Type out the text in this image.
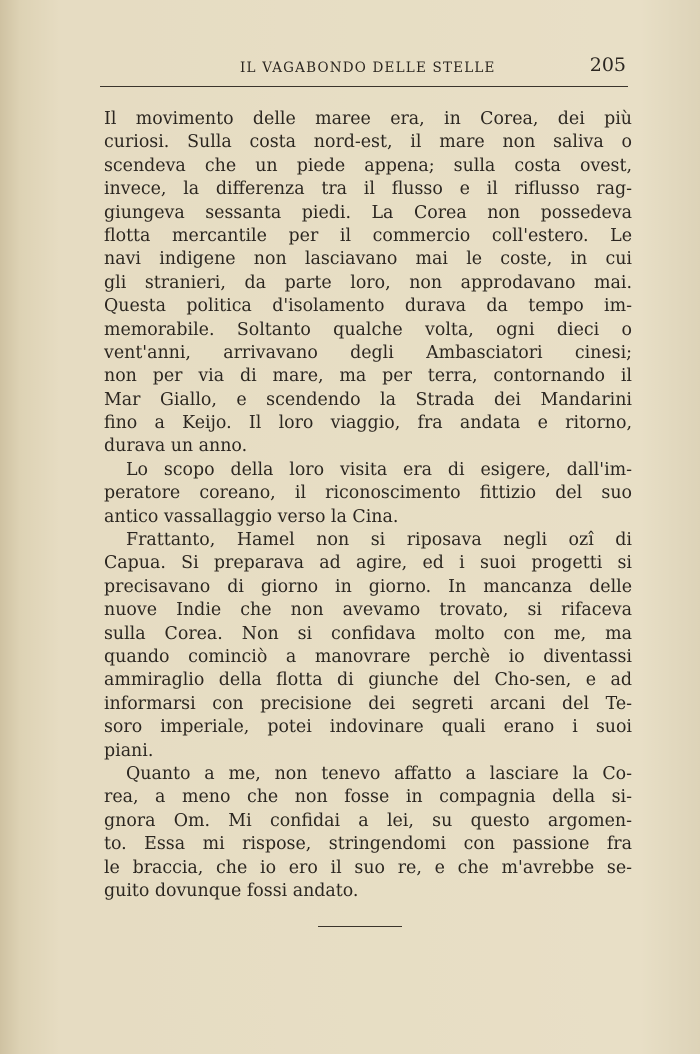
IL VAGABONDO DELLE STELLE	205
Il movimento delle maree era, in Corea, dei più
curiosi. Sulla costa nord-est, il mare non saliva o
scendeva che un piede appena; sulla costa ovest,
invece, la differenza tra il flusso e il riflusso rag-
giungeva sessanta piedi. La Corea non possedeva
flotta mercantile per il commercio coll'estero. Le
navi indigene non lasciavano mai le coste, in cui
gli stranieri, da parte loro, non approdavano mai.
Questa politica d'isolamento durava da tempo im-
memorabile. Soltanto qualche volta, ogni dieci o
vent'anni, arrivavano degli Ambasciatori cinesi;
non per via di mare, ma per terra, contornando il
Mar Giallo, e scendendo la Strada dei Mandarini
fino a Keijo. Il loro viaggio, fra andata e ritorno,
durava un anno.
Lo scopo della loro visita era di esigere, dall'im-
peratore coreano, il riconoscimento fittizio del suo
antico vassallaggio verso la Cina.
Frattanto, Hamel non si riposava negli ozî di
Capua. Si preparava ad agire, ed i suoi progetti si
precisavano di giorno in giorno. In mancanza delle
nuove Indie che non avevamo trovato, si rifaceva
sulla Corea. Non si confidava molto con me, ma
quando cominciò a manovrare perchè io diventassi
ammiraglio della flotta di giunche del Cho-sen, e ad
informarsi con precisione dei segreti arcani del Te-
soro imperiale, potei indovinare quali erano i suoi
piani.
Quanto a me, non tenevo affatto a lasciare la Co-
rea, a meno che non fosse in compagnia della si-
gnora Om. Mi confidai a lei, su questo argomen-
to. Essa mi rispose, stringendomi con passione fra
le braccia, che io ero il suo re, e che m'avrebbe se-
guito dovunque fossi andato.
